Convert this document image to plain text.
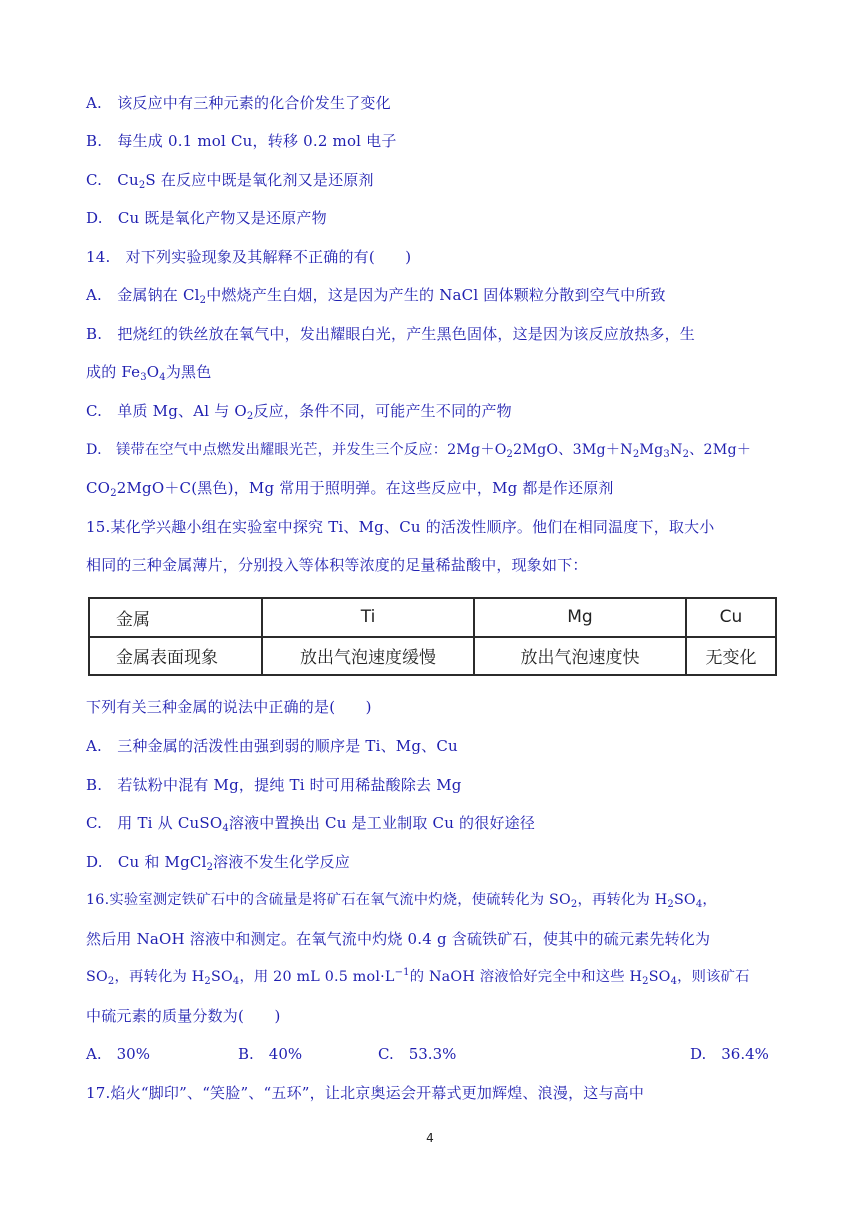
A.　该反应中有三种元素的化合价发生了变化
B.　每生成 0.1 mol Cu，转移 0.2 mol 电子
C.　$Cu_2S$ 在反应中既是氧化剂又是还原剂
D.　Cu 既是氧化产物又是还原产物
14.　对下列实验现象及其解释不正确的有(　　)
A.　金属钠在 $Cl_2$中燃烧产生白烟，这是因为产生的 NaCl 固体颗粒分散到空气中所致
B.　把烧红的铁丝放在氧气中，发出耀眼白光，产生黑色固体，这是因为该反应放热多，生
成的 $Fe_3O_4$为黑色
C.　单质 Mg、Al 与 $O_2$反应，条件不同，可能产生不同的产物
D.　镁带在空气中点燃发出耀眼光芒，并发生三个反应：$2Mg+O_22MgO$、$3Mg+N_2Mg_3N_2$、2Mg＋
$CO_22MgO+C$(黑色)，Mg 常用于照明弹。在这些反应中，Mg 都是作还原剂
15.某化学兴趣小组在实验室中探究 Ti、Mg、Cu 的活泼性顺序。他们在相同温度下，取大小
相同的三种金属薄片，分别投入等体积等浓度的足量稀盐酸中，现象如下：
金属	Ti	Mg	Cu
金属表面现象	放出气泡速度缓慢	放出气泡速度快	无变化
下列有关三种金属的说法中正确的是(　　)
A.　三种金属的活泼性由强到弱的顺序是 Ti、Mg、Cu
B.　若钛粉中混有 Mg，提纯 Ti 时可用稀盐酸除去 Mg
C.　用 Ti 从 CuSO$_4$溶液中置换出 Cu 是工业制取 Cu 的很好途径
D.　Cu 和 MgCl$_2$溶液不发生化学反应
16.实验室测定铁矿石中的含硫量是将矿石在氧气流中灼烧，使硫转化为 $SO_2$，再转化为 $H_2SO_4$，
然后用 NaOH 溶液中和测定。在氧气流中灼烧 0.4 g 含硫铁矿石，使其中的硫元素先转化为
$SO_2$，再转化为 $H_2SO_4$，用 20 mL 0.5 $mol\cdot L^{-1}$的 NaOH 溶液恰好完全中和这些 $H_2SO_4$，则该矿石
中硫元素的质量分数为(　　)
A.　30%	B.　40%	C.　53.3%	D.　36.4%
17.焰火“脚印”、“笑脸”、“五环”，让北京奥运会开幕式更加辉煌、浪漫，这与高中
4
